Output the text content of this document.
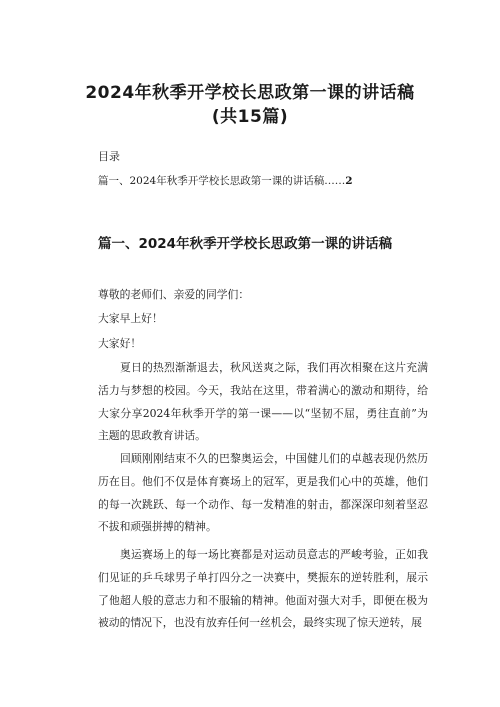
2024年秋季开学校长思政第一课的讲话稿
(共15篇)

目录

篇一、2024年秋季开学校长思政第一课的讲话稿……2

篇一、2024年秋季开学校长思政第一课的讲话稿

尊敬的老师们、亲爱的同学们：

大家早上好！

大家好！

夏日的热烈渐渐退去，秋风送爽之际，我们再次相聚在这片充满活力与梦想的校园。今天，我站在这里，带着满心的激动和期待，给大家分享2024年秋季开学的第一课——以“坚韧不屈，勇往直前”为主题的思政教育讲话。

回顾刚刚结束不久的巴黎奥运会，中国健儿们的卓越表现仍然历历在目。他们不仅是体育赛场上的冠军，更是我们心中的英雄，他们的每一次跳跃、每一个动作、每一发精准的射击，都深深印刻着坚忍不拔和顽强拼搏的精神。

奥运赛场上的每一场比赛都是对运动员意志的严峻考验，正如我们见证的乒乓球男子单打四分之一决赛中，樊振东的逆转胜利，展示了他超人般的意志力和不服输的精神。他面对强大对手，即便在极为被动的情况下，也没有放弃任何一丝机会，最终实现了惊天逆转，展
